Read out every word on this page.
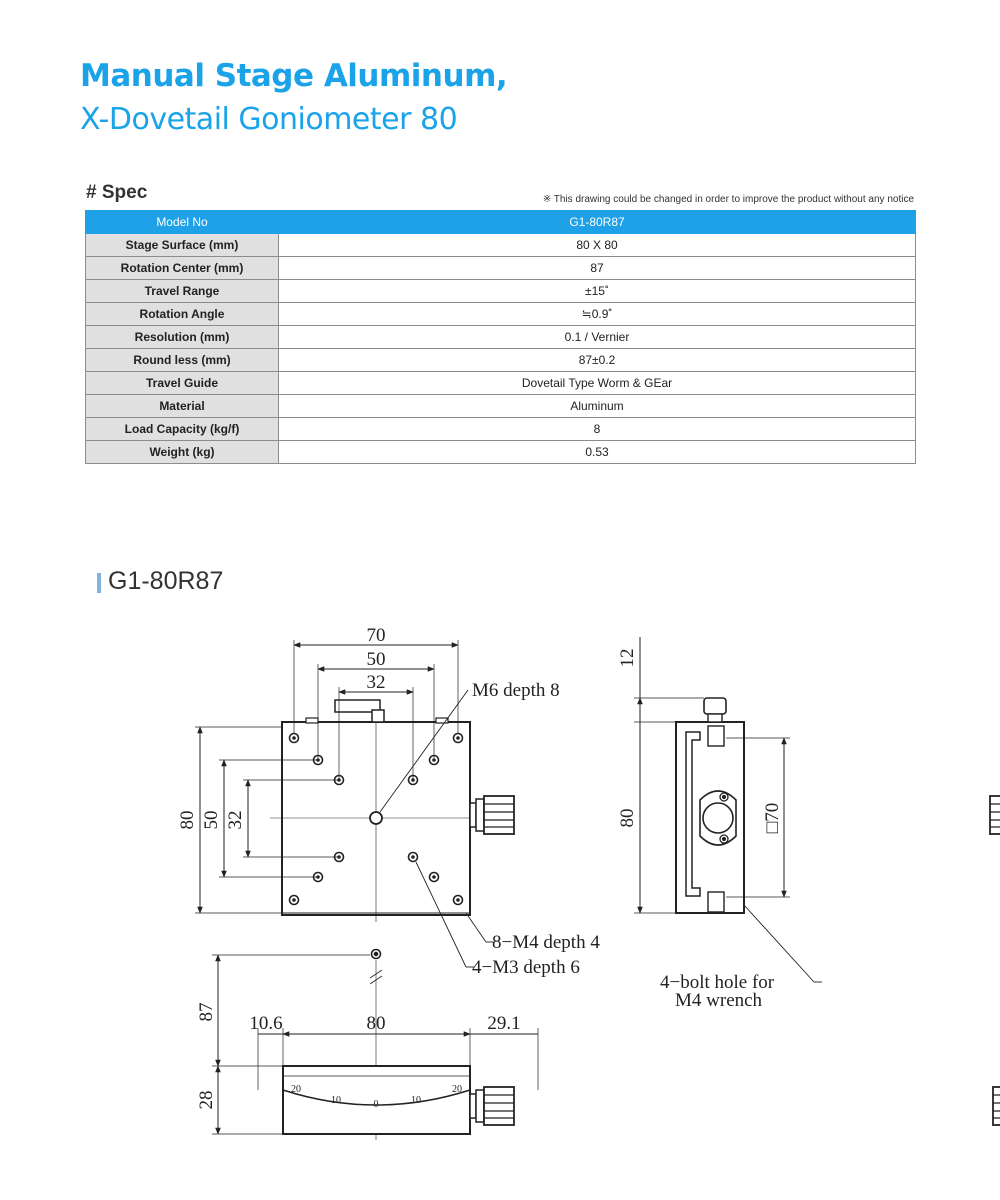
Manual Stage Aluminum,
X-Dovetail Goniometer 80
# Spec	※ This drawing could be changed in order to improve the product without any notice
Model No	G1-80R87
Stage Surface (mm)	80 X 80
Rotation Center (mm)	87
Travel Range	±15˚
Rotation Angle	≒0.9˚
Resolution (mm)	0.1 / Vernier
Round less (mm)	87±0.2
Travel Guide	Dovetail Type Worm & GEar
Material	Aluminum
Load Capacity (kg/f)	8
Weight (kg)	0.53
G1-80R87
70
50
32
80 50 32
M6 depth 8
8−M4 depth 4
4−M3 depth 6
12
80	□70
4−bolt hole for
M4 wrench
20
10	0	10
20
87
28
10.6	80	29.1
